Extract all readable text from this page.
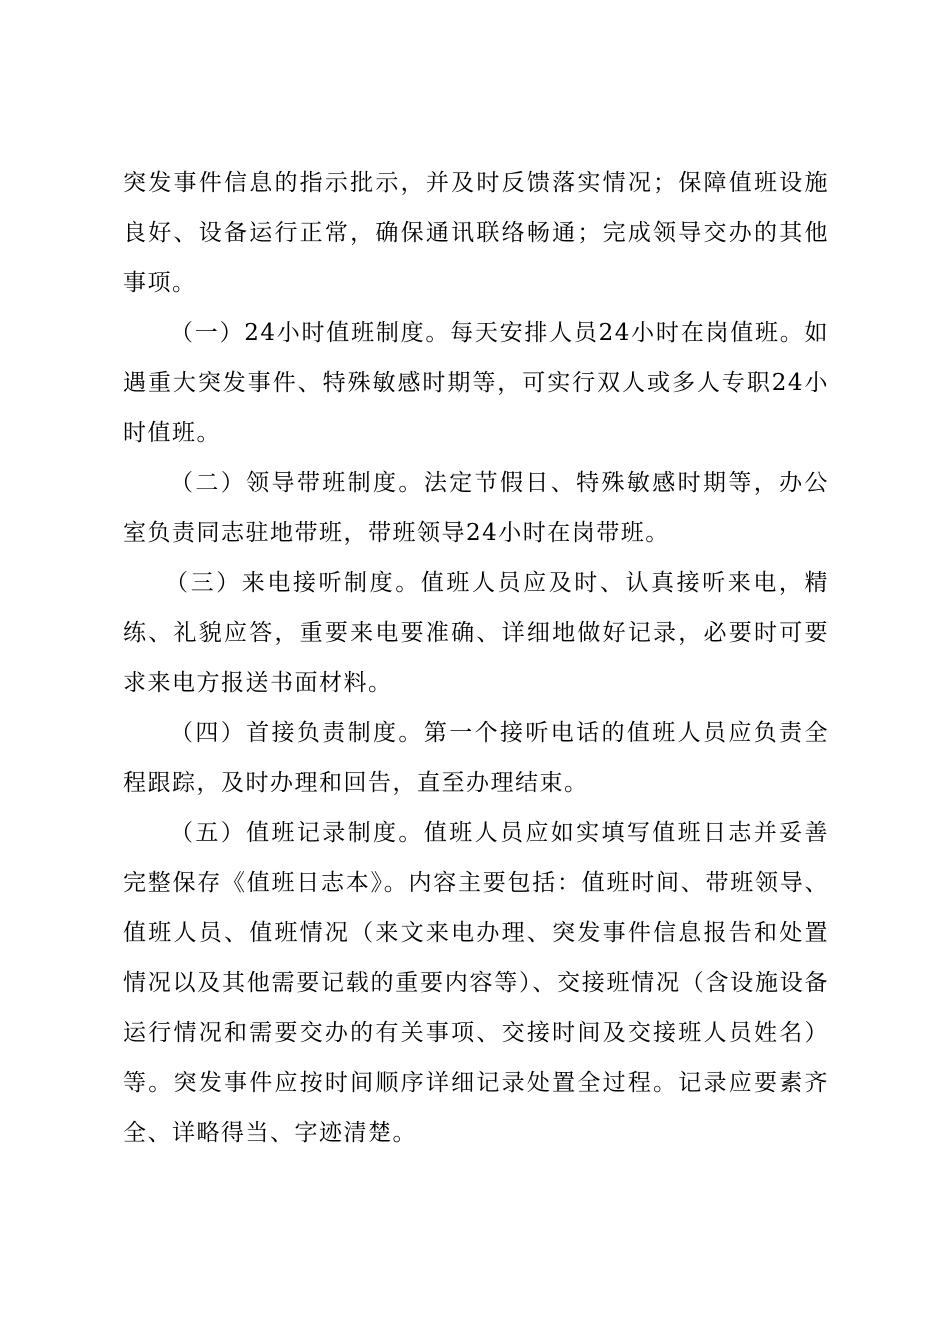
突发事件信息的指示批示，并及时反馈落实情况；保障值班设施良好、设备运行正常，确保通讯联络畅通；完成领导交办的其他事项。

（一）24小时值班制度。每天安排人员24小时在岗值班。如遇重大突发事件、特殊敏感时期等，可实行双人或多人专职24小时值班。

（二）领导带班制度。法定节假日、特殊敏感时期等，办公室负责同志驻地带班，带班领导24小时在岗带班。

（三）来电接听制度。值班人员应及时、认真接听来电，精练、礼貌应答，重要来电要准确、详细地做好记录，必要时可要求来电方报送书面材料。

（四）首接负责制度。第一个接听电话的值班人员应负责全程跟踪，及时办理和回告，直至办理结束。

（五）值班记录制度。值班人员应如实填写值班日志并妥善完整保存《值班日志本》。内容主要包括：值班时间、带班领导、值班人员、值班情况（来文来电办理、突发事件信息报告和处置情况以及其他需要记载的重要内容等）、交接班情况（含设施设备运行情况和需要交办的有关事项、交接时间及交接班人员姓名）等。突发事件应按时间顺序详细记录处置全过程。记录应要素齐全、详略得当、字迹清楚。
